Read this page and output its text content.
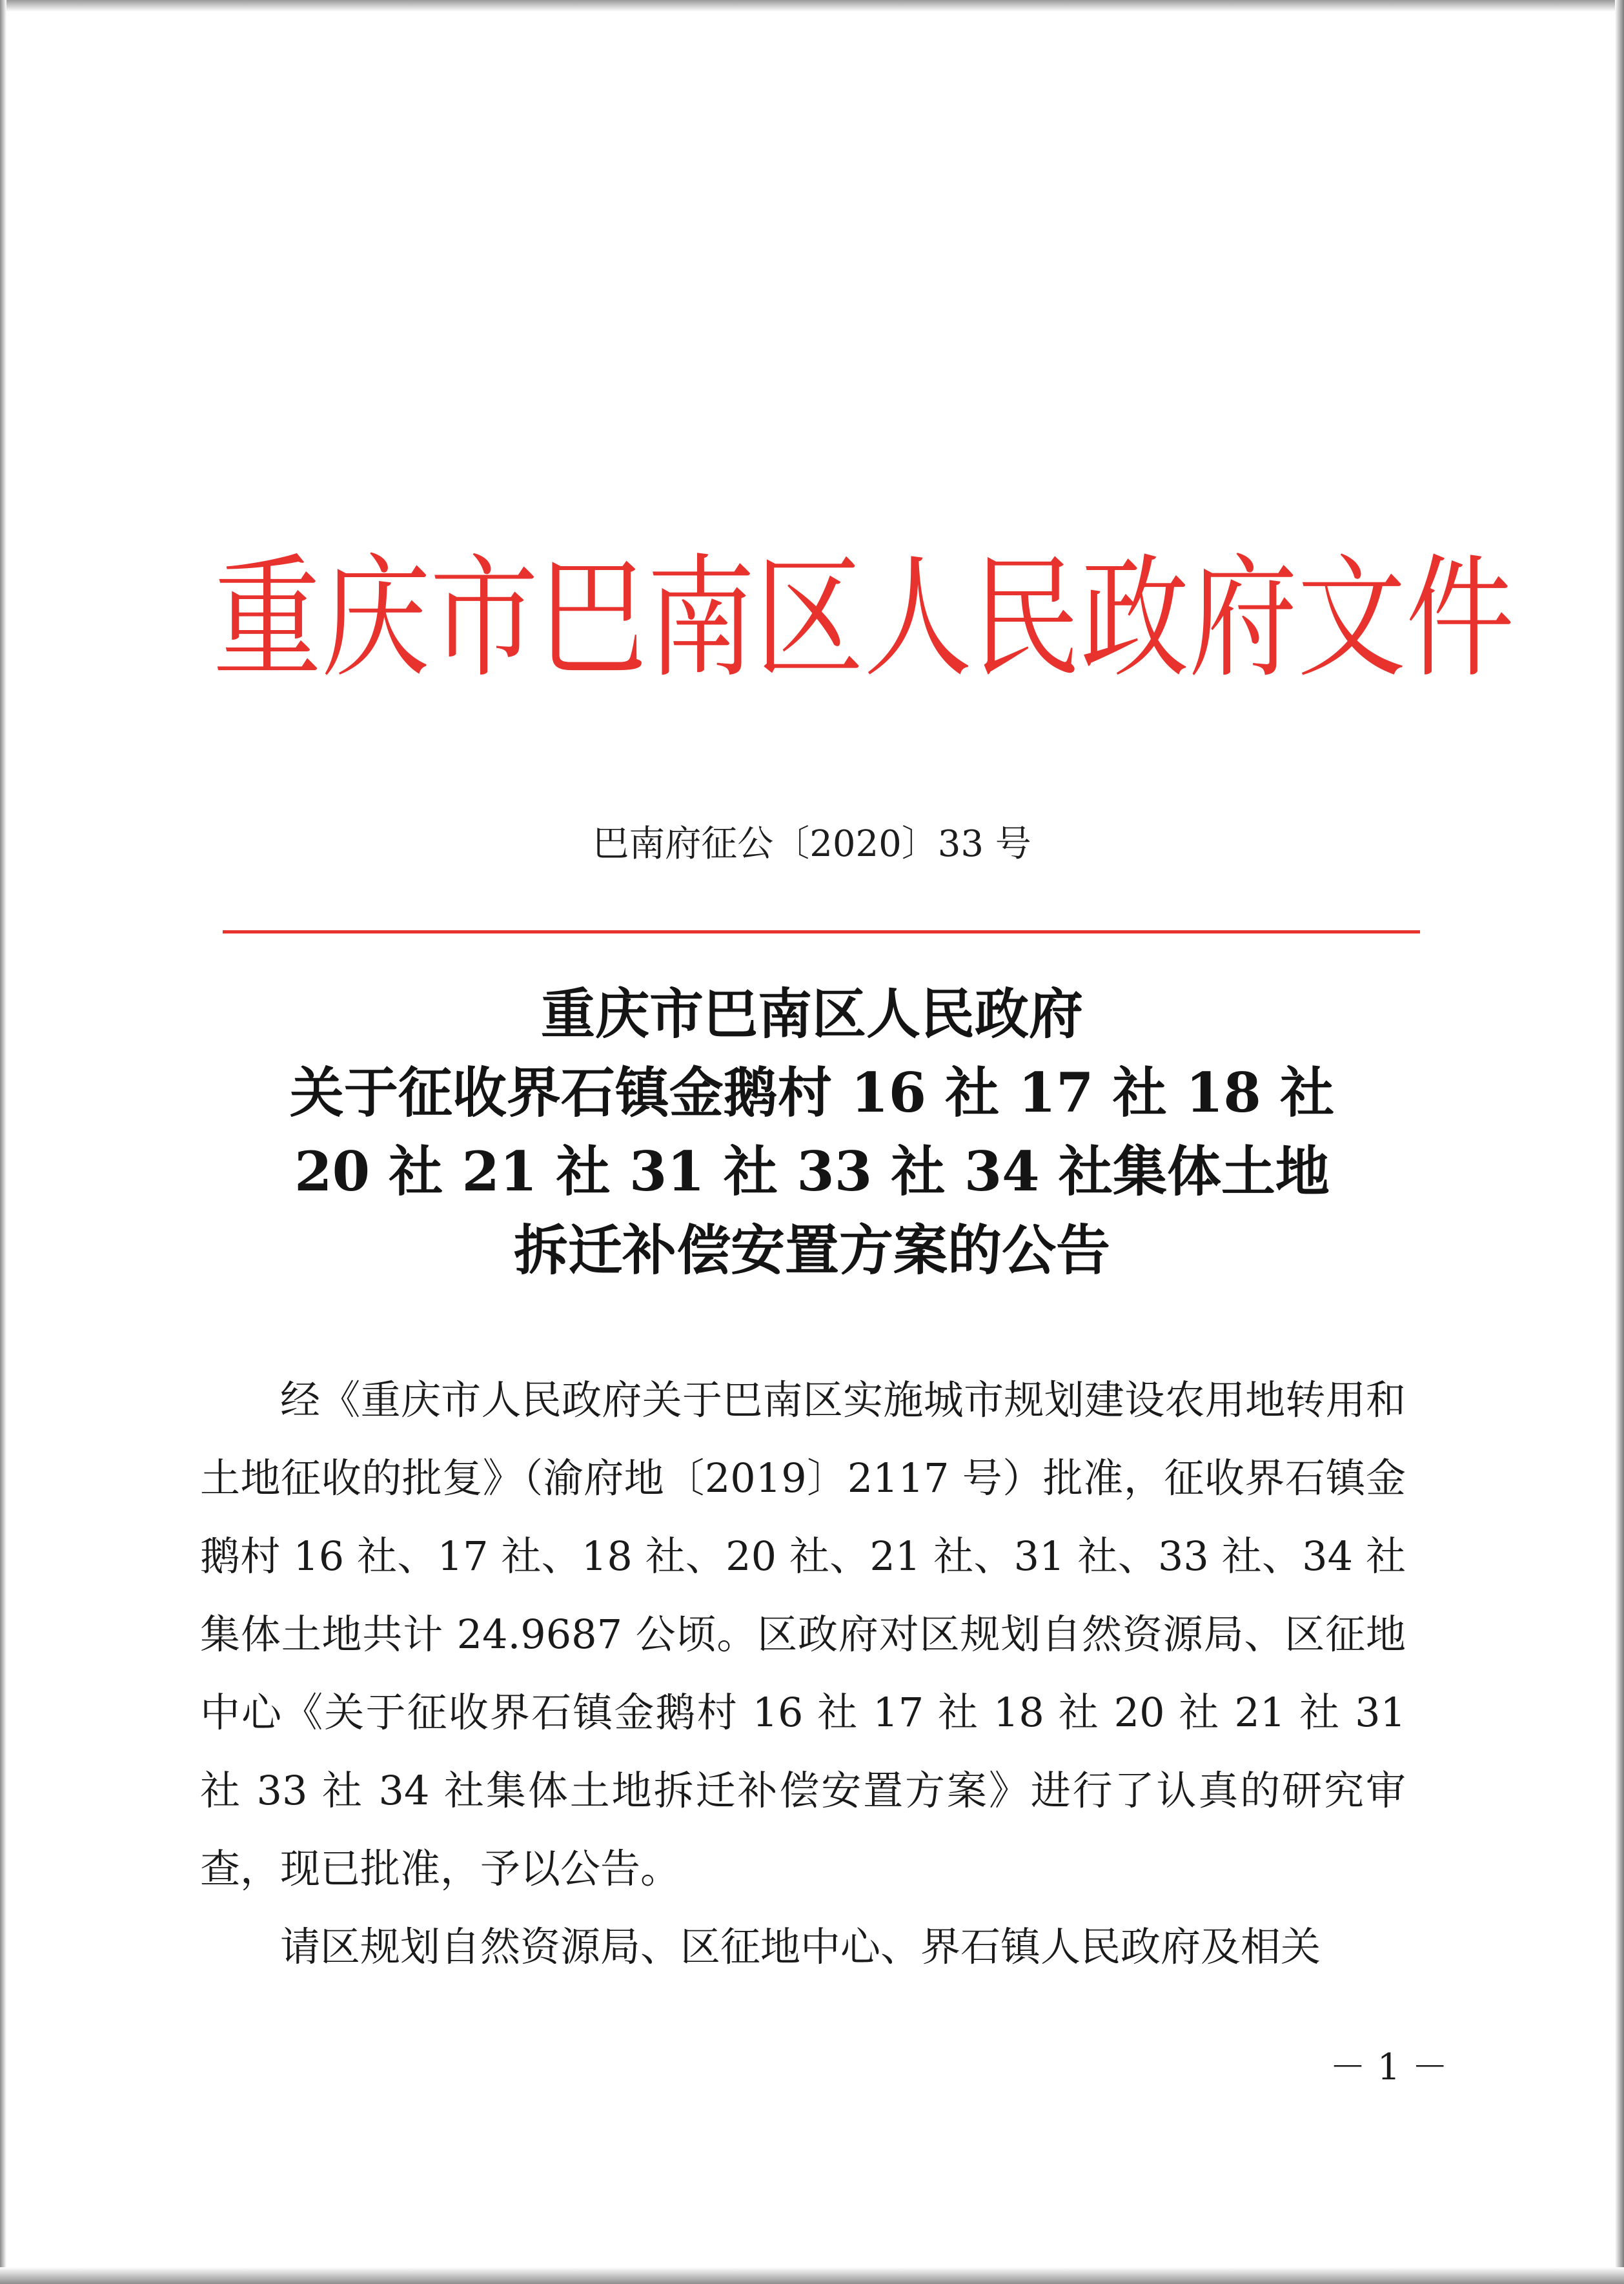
重庆市巴南区人民政府文件
巴南府征公〔2020〕33 号
重庆市巴南区人民政府
关于征收界石镇金鹅村 16 社 17 社 18 社
20 社 21 社 31 社 33 社 34 社集体土地
拆迁补偿安置方案的公告

经《重庆市人民政府关于巴南区实施城市规划建设农用地转用和土地征收的批复》（渝府地〔2019〕2117 号）批准，征收界石镇金鹅村 16 社、17 社、18 社、20 社、21 社、31 社、33 社、34 社集体土地共计 24.9687 公顷。区政府对区规划自然资源局、区征地中心《关于征收界石镇金鹅村 16 社 17 社 18 社 20 社 21 社 31 社 33 社 34 社集体土地拆迁补偿安置方案》进行了认真的研究审查，现已批准，予以公告。

请区规划自然资源局、区征地中心、界石镇人民政府及相关

－ 1 －
